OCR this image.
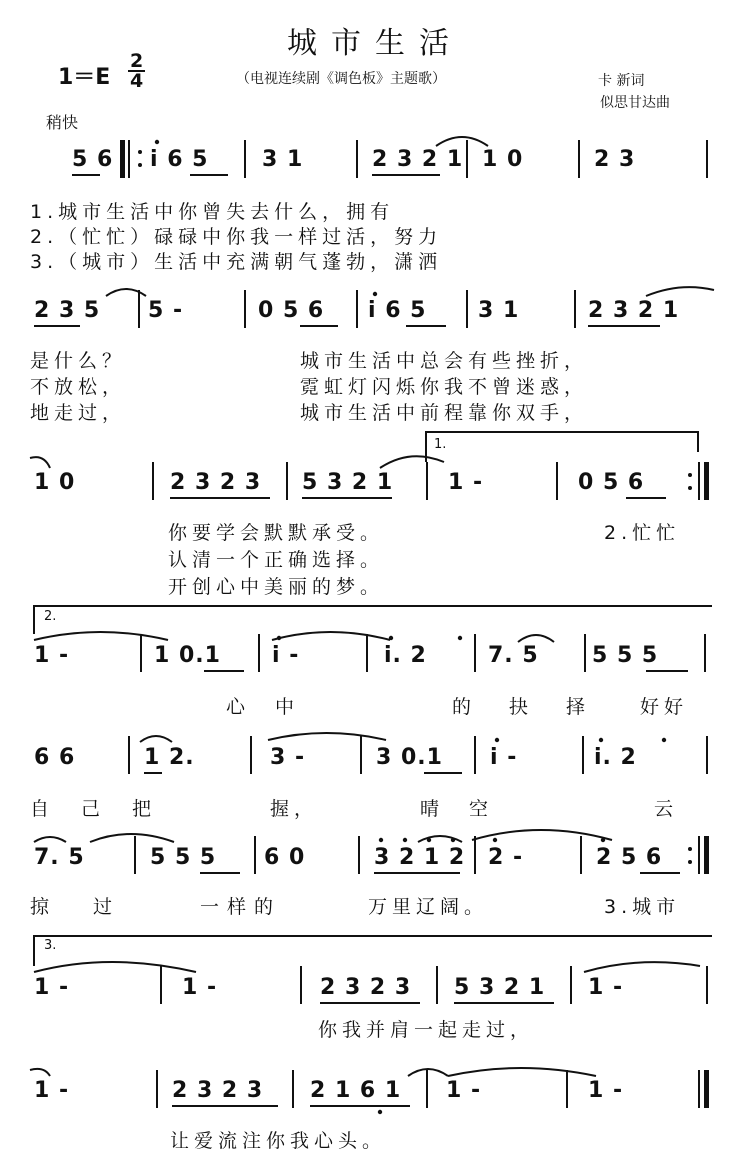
城市生活
$1=E \frac{2}{4}$	（电视连续剧《调色板》主题歌）	卡 新词
似思甘达曲
稍快
5 6 i 6 5 3 1	2 3 2 1 1 0	2 3
1.城市生活中你曾失去什么，拥有
2.（忙忙）碌碌中你我一样过活，努力
3.（城市）生活中充满朝气蓬勃，潇洒
2 3 5 5 -	0 5 6 i 6 5 3 1	2 3 2 1
是什么？
不放松，
地走过，
城市生活中总会有些挫折，
霓虹灯闪烁你我不曾迷惑，
城市生活中前程靠你双手，
1.
1 0	2 3 2 3 5 3 2 1 1 -	0 5 6
你要学会默默承受。
认清一个正确选择。
开创心中美丽的梦。
2.忙忙
2.
1 -	1 0.1 i -	i. 2	7. 5 5 5 5
心中	的抉择 好好
6 6	1 2.	3 -	3 0.1 i -	i. 2
自己把	握，	晴空	云
7. 5	5 5 5 6 0	3 2 1 2 2 -	2 5 6
掠过 一样的	万里辽阔。	3.城市
3.
1 -	1 -	2 3 2 3 5 3 2 1 1 -
你我并肩一起走过，
1 -	2 3 2 3 2 1 6 1 1 -	1 -
让爱流注你我心头。
